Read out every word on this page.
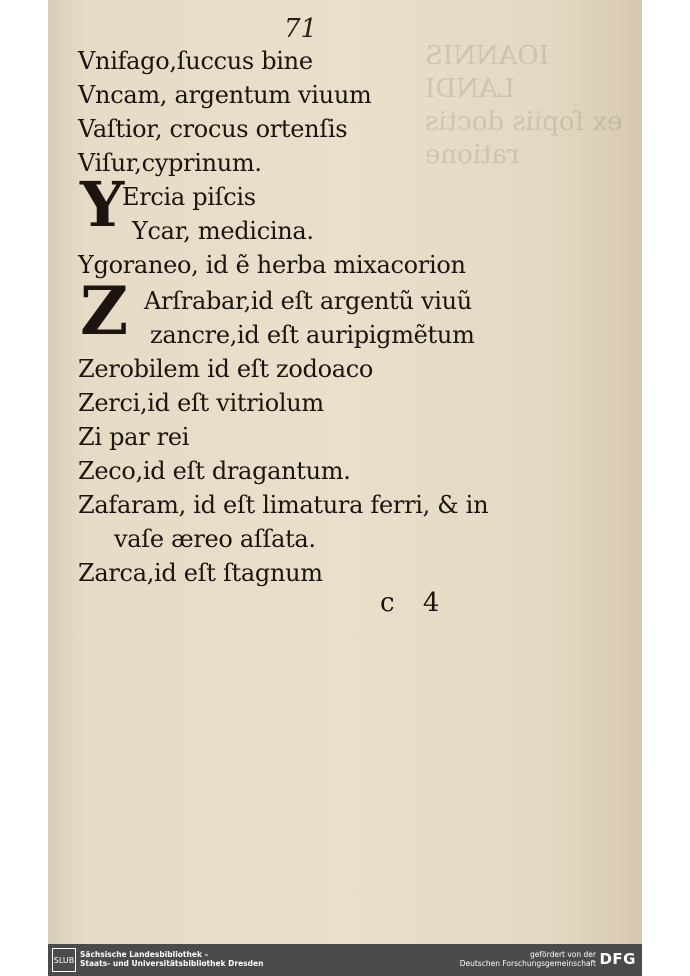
IOANNIS
LANDI
ex ſopiis doctis
ratione

71
Vnifago,ſuccus bine
Vncam, argentum viuum
Vaſtior, crocus ortenſis
Viſur,cyprinum.
Y
Ercia piſcis
Ycar, medicina.
Ygoraneo, id ẽ herba mixacorion
Z Arſrabar,id eſt argentũ viuũ
zancre,id eſt auripigmẽtum
Zerobilem id eſt zodoaco
Zerci,id eſt vitriolum
Zi par rei
Zeco,id eſt dragantum.
Zafaram, id eſt limatura ferri, & in
vaſe æreo aſſata.
Zarca,id eſt ſtagnum
c 4
SLUB
Sächsische Landesbibliothek –
Staats- und Universitätsbibliothek Dresden
gefördert von der
Deutschen Forschungsgemeinschaft DFG
